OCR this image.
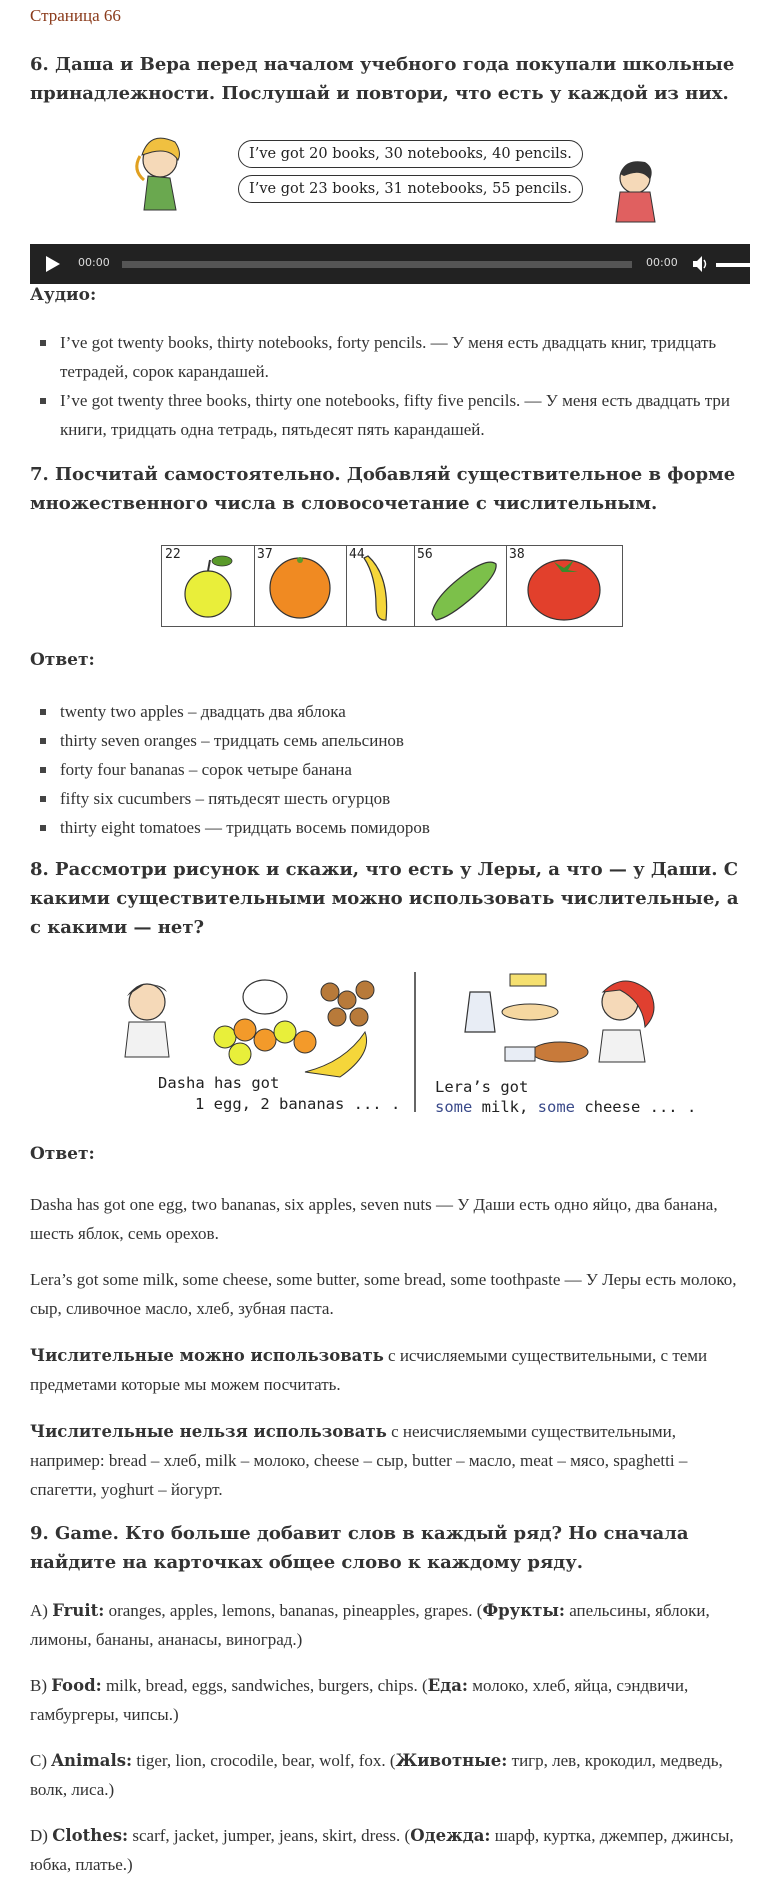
Страница 66
6. Даша и Вера перед началом учебного года покупали школьные принадлежности. Послушай и повтори, что есть у каждой из них.
I’ve got 20 books, 30 notebooks, 40 pencils.
I’ve got 23 books, 31 notebooks, 55 pencils.
00:00	00:00
Аудио:
I’ve got twenty books, thirty notebooks, forty pencils. — У меня есть двадцать книг, тридцать тетрадей, сорок карандашей.
I’ve got twenty three books, thirty one notebooks, fifty five pencils. — У меня есть двадцать три книги, тридцать одна тетрадь, пятьдесят пять карандашей.
7. Посчитай самостоятельно. Добавляй существительное в форме множественного числа в словосочетание с числительным.
22	37	44	56	38
Ответ:
twenty two apples – двадцать два яблока
thirty seven oranges – тридцать семь апельсинов
forty four bananas – сорок четыре банана
fifty six cucumbers – пятьдесят шесть огурцов
thirty eight tomatoes — тридцать восемь помидоров
8. Рассмотри рисунок и скажи, что есть у Леры, а что — у Даши. С какими существительными можно использовать числительные, а с какими — нет?
Dasha has got
1 egg, 2 bananas ... .
Lera’s got
some milk, some cheese ... .
Ответ:

Dasha has got one egg, two bananas, six apples, seven nuts — У Даши есть одно яйцо, два банана, шесть яблок, семь орехов.

Lera’s got some milk, some cheese, some butter, some bread, some toothpaste — У Леры есть молоко, сыр, сливочное масло, хлеб, зубная паста.

Числительные можно использовать с исчисляемыми существительными, с теми предметами которые мы можем посчитать.

Числительные нельзя использовать с неисчисляемыми существительными, например: bread – хлеб, milk – молоко, cheese – сыр, butter – масло, meat – мясо, spaghetti – спагетти, yoghurt – йогурт.

9. Game. Кто больше добавит слов в каждый ряд? Но сначала найдите на карточках общее слово к каждому ряду.

A) Fruit: oranges, apples, lemons, bananas, pineapples, grapes. (Фрукты: апельсины, яблоки, лимоны, бананы, ананасы, виноград.)

B) Food: milk, bread, eggs, sandwiches, burgers, chips. (Еда: молоко, хлеб, яйца, сэндвичи, гамбургеры, чипсы.)

C) Animals: tiger, lion, crocodile, bear, wolf, fox. (Животные: тигр, лев, крокодил, медведь, волк, лиса.)

D) Clothes: scarf, jacket, jumper, jeans, skirt, dress. (Одежда: шарф, куртка, джемпер, джинсы, юбка, платье.)
